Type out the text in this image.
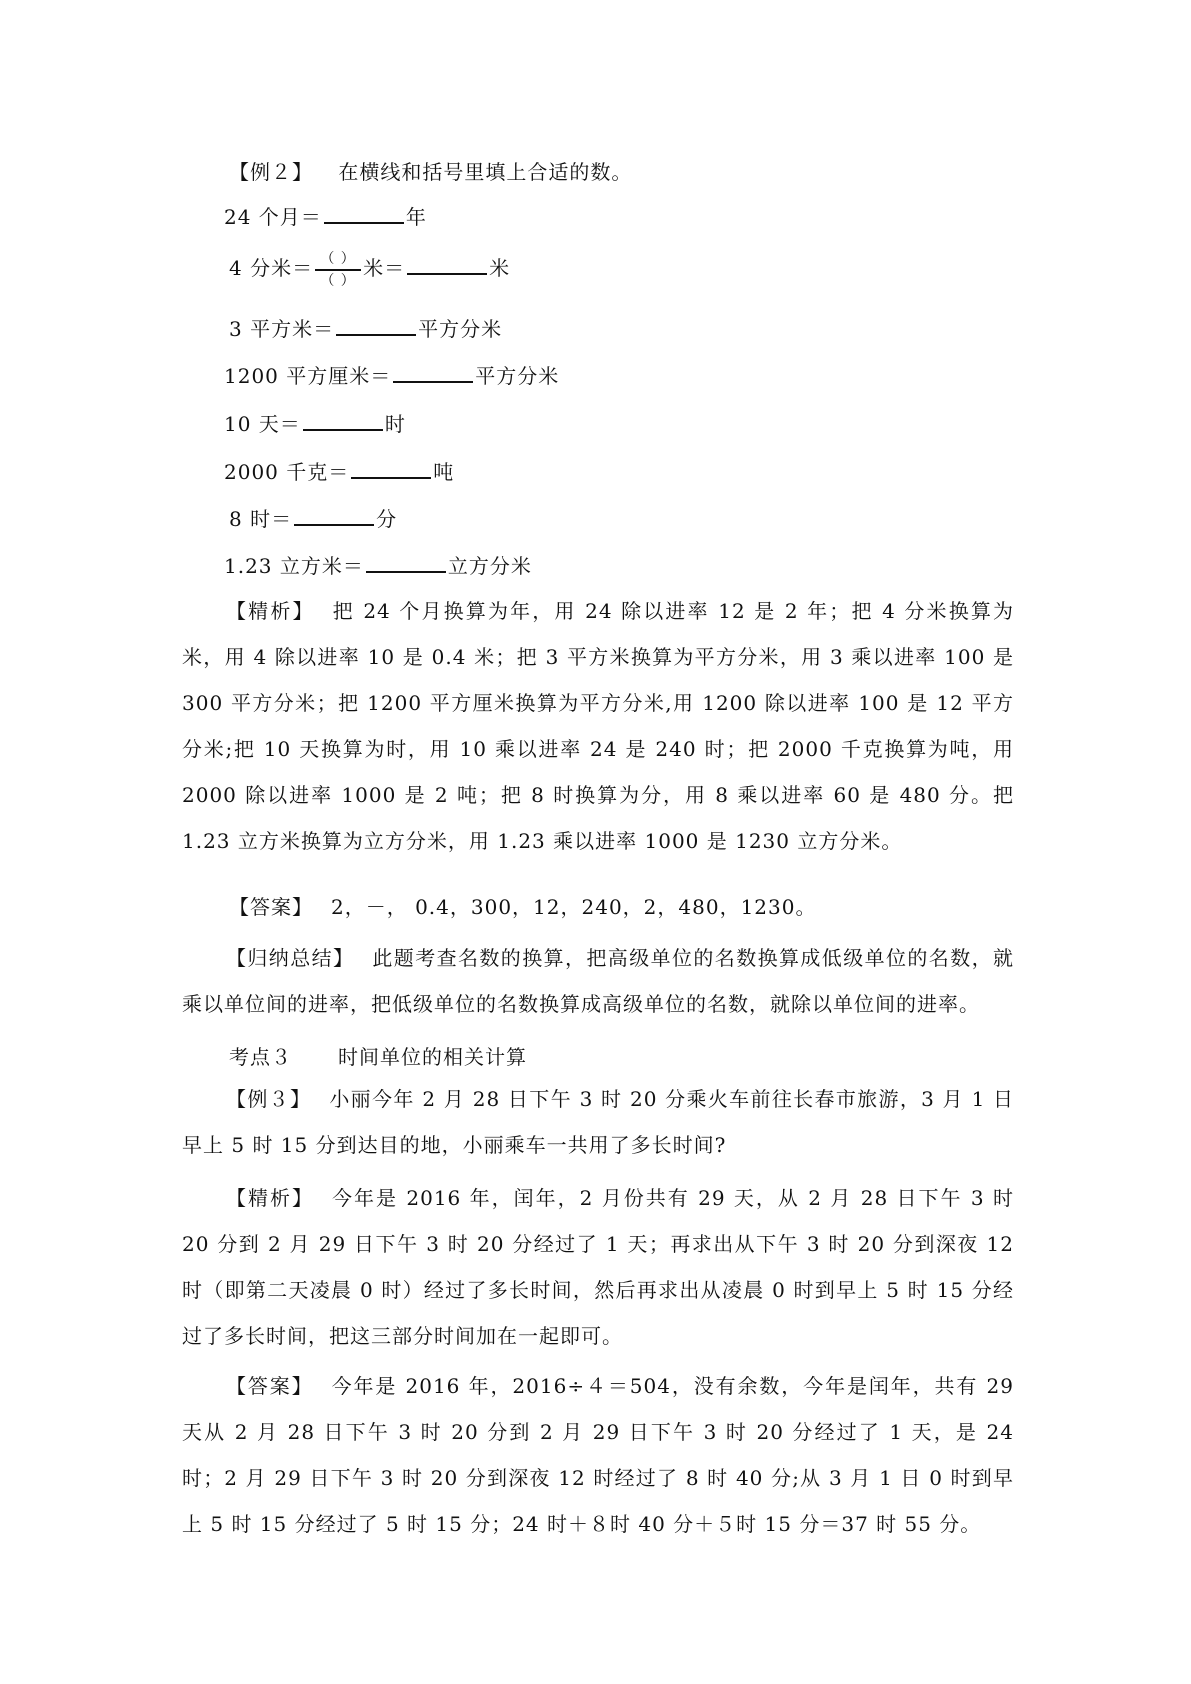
【例２】 在横线和括号里填上合适的数。
24 个月＝	年
4 分米＝ $\frac{( )}{( )}$ 米＝	米
3 平方米＝	平方分米
1200 平方厘米＝	平方分米
10 天＝	时
2000 千克＝	吨
8 时＝	分
1.23 立方米＝	立方分米
【精析】 把 24 个月换算为年，用 24 除以进率 12 是 2 年；把 4 分米换算为米，用 4 除以进率 10 是 0.4 米；把 3 平方米换算为平方分米，用 3 乘以进率 100 是 300 平方分米；把 1200 平方厘米换算为平方分米,用 1200 除以进率 100 是 12 平方分米;把 10 天换算为时，用 10 乘以进率 24 是 240 时；把 2000 千克换算为吨，用 2000 除以进率 1000 是 2 吨；把 8 时换算为分，用 8 乘以进率 60 是 480 分。把 1.23 立方米换算为立方分米，用 1.23 乘以进率 1000 是 1230 立方分米。
【答案】 2，－， 0.4，300，12，240，2，480，1230。
【归纳总结】 此题考查名数的换算，把高级单位的名数换算成低级单位的名数，就乘以单位间的进率，把低级单位的名数换算成高级单位的名数，就除以单位间的进率。
考点３ 时间单位的相关计算
【例３】 小丽今年 2 月 28 日下午 3 时 20 分乘火车前往长春市旅游，3 月 1 日早上 5 时 15 分到达目的地，小丽乘车一共用了多长时间?
【精析】 今年是 2016 年，闰年，2 月份共有 29 天，从 2 月 28 日下午 3 时 20 分到 2 月 29 日下午 3 时 20 分经过了 1 天；再求出从下午 3 时 20 分到深夜 12 时（即第二天凌晨 0 时）经过了多长时间，然后再求出从凌晨 0 时到早上 5 时 15 分经过了多长时间，把这三部分时间加在一起即可。
【答案】 今年是 2016 年，2016÷４＝504，没有余数，今年是闰年，共有 29 天从 2 月 28 日下午 3 时 20 分到 2 月 29 日下午 3 时 20 分经过了 1 天，是 24 时；2 月 29 日下午 3 时 20 分到深夜 12 时经过了 8 时 40 分;从 3 月 1 日 0 时到早上 5 时 15 分经过了 5 时 15 分；24 时＋８时 40 分＋５时 15 分＝37 时 55 分。
